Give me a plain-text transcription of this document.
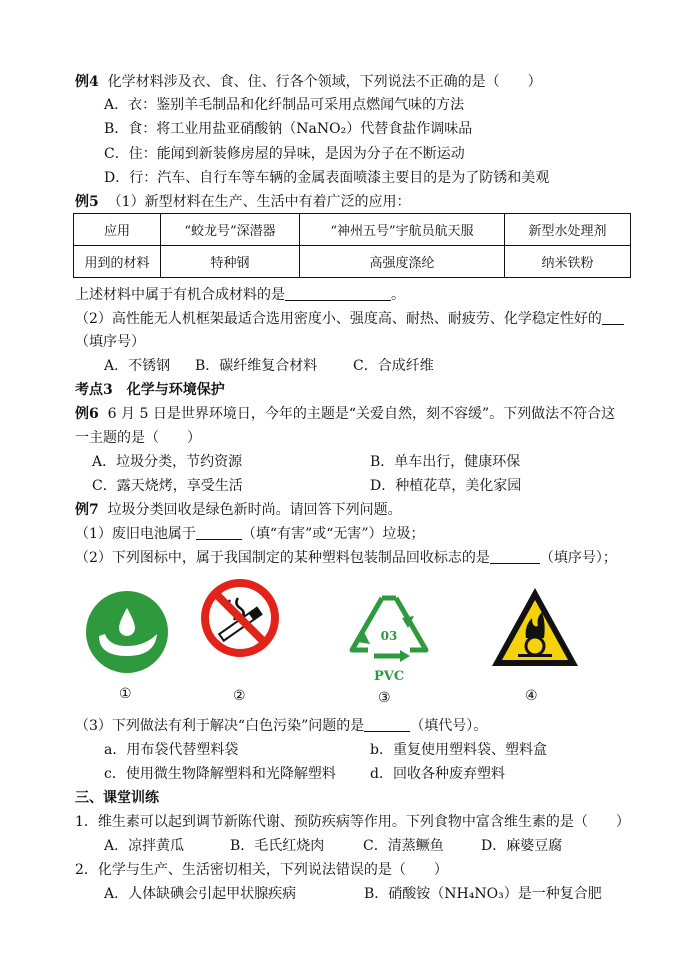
例4 化学材料涉及衣、食、住、行各个领域，下列说法不正确的是（　　）
A．衣：鉴别羊毛制品和化纤制品可采用点燃闻气味的方法
B．食：将工业用盐亚硝酸钠（NaNO₂）代替食盐作调味品
C．住：能闻到新装修房屋的异味，是因为分子在不断运动
D．行：汽车、自行车等车辆的金属表面喷漆主要目的是为了防锈和美观
例5 （1）新型材料在生产、生活中有着广泛的应用：
应用	“蛟龙号”深潜器	“神州五号”宇航员航天服	新型水处理剂
用到的材料	特种钢	高强度涤纶	纳米铁粉
上述材料中属于有机合成材料的是	。
（2）高性能无人机框架最适合选用密度小、强度高、耐热、耐疲劳、化学稳定性好的
（填序号）
A．不锈钢 B．碳纤维复合材料	C．合成纤维
考点3　化学与环境保护
例6 6 月 5 日是世界环境日，今年的主题是“关爱自然，刻不容缓”。下列做法不符合这
一主题的是（　　）
A．垃圾分类，节约资源	B．单车出行，健康环保
C．露天烧烤，享受生活	D．种植花草，美化家园
例7 垃圾分类回收是绿色新时尚。请回答下列问题。
（1）废旧电池属于	（填“有害”或“无害”）垃圾；
（2）下列图标中，属于我国制定的某种塑料包装制品回收标志的是	（填序号）；
①	②
03
PVC
③	④
（3）下列做法有利于解决“白色污染”问题的是	（填代号）。
a．用布袋代替塑料袋	b．重复使用塑料袋、塑料盒
c．使用微生物降解塑料和光降解塑料 d．回收各种废弃塑料
三、课堂训练
1．维生素可以起到调节新陈代谢、预防疾病等作用。下列食物中富含维生素的是（　　）
A．凉拌黄瓜	B．毛氏红烧肉	C．清蒸鳜鱼	D．麻婆豆腐
2．化学与生产、生活密切相关，下列说法错误的是（　　）
A．人体缺碘会引起甲状腺疾病	B．硝酸铵（NH₄NO₃）是一种复合肥
